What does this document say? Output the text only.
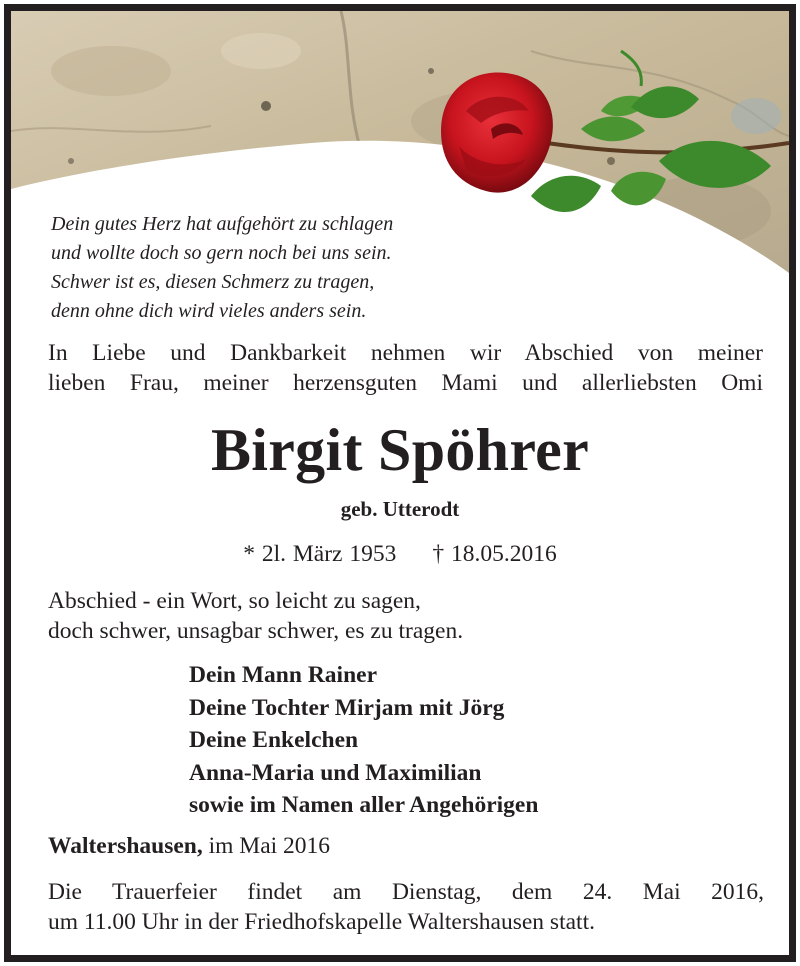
Dein gutes Herz hat aufgehört zu schlagen
und wollte doch so gern noch bei uns sein.
Schwer ist es, diesen Schmerz zu tragen,
denn ohne dich wird vieles anders sein.
In Liebe und Dankbarkeit nehmen wir Abschied von meiner
lieben Frau, meiner herzensguten Mami und allerliebsten Omi
Birgit Spöhrer
geb. Utterodt
* 2l. März 1953 † 18.05.2016
Abschied - ein Wort, so leicht zu sagen,
doch schwer, unsagbar schwer, es zu tragen.
Dein Mann Rainer
Deine Tochter Mirjam mit Jörg
Deine Enkelchen
Anna-Maria und Maximilian
sowie im Namen aller Angehörigen
Waltershausen, im Mai 2016
Die Trauerfeier findet am Dienstag, dem 24. Mai 2016,
um 11.00 Uhr in der Friedhofskapelle Waltershausen statt.
